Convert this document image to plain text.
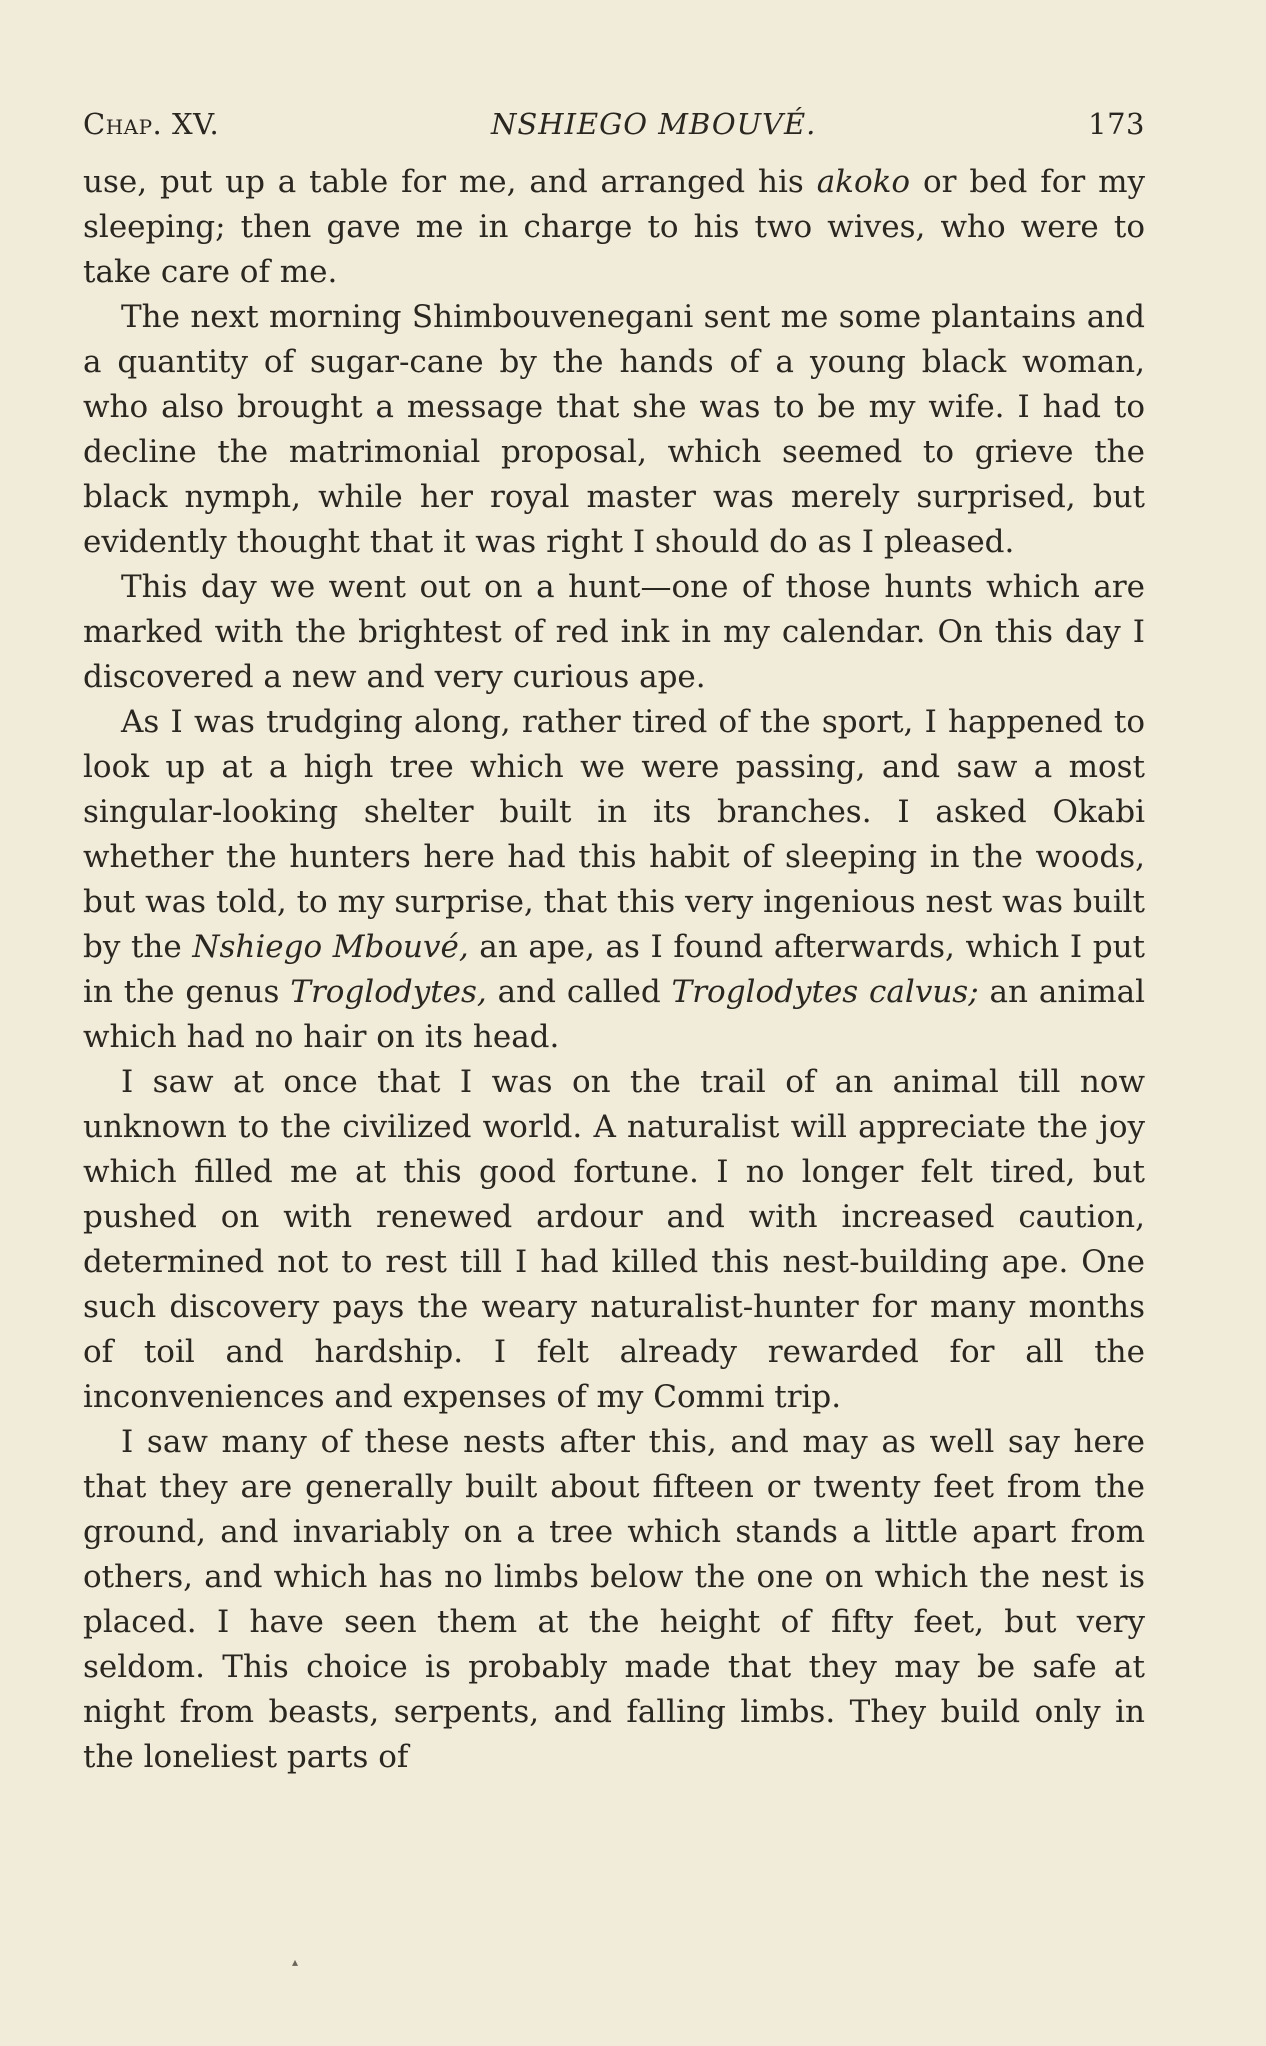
Chap. XV.	NSHIEGO MBOUVÉ.	173

use, put up a table for me, and arranged his akoko or bed for my sleeping; then gave me in charge to his two wives, who were to take care of me.

The next morning Shimbouvenegani sent me some plantains and a quantity of sugar-cane by the hands of a young black woman, who also brought a message that she was to be my wife. I had to decline the matrimonial proposal, which seemed to grieve the black nymph, while her royal master was merely surprised, but evidently thought that it was right I should do as I pleased.

This day we went out on a hunt—one of those hunts which are marked with the brightest of red ink in my calendar. On this day I discovered a new and very curious ape.

As I was trudging along, rather tired of the sport, I happened to look up at a high tree which we were passing, and saw a most singular-looking shelter built in its branches. I asked Okabi whether the hunters here had this habit of sleeping in the woods, but was told, to my surprise, that this very ingenious nest was built by the Nshiego Mbouvé, an ape, as I found afterwards, which I put in the genus Troglodytes, and called Troglodytes calvus; an animal which had no hair on its head.

I saw at once that I was on the trail of an animal till now unknown to the civilized world. A naturalist will appreciate the joy which filled me at this good fortune. I no longer felt tired, but pushed on with renewed ardour and with increased caution, determined not to rest till I had killed this nest-building ape. One such discovery pays the weary naturalist-hunter for many months of toil and hardship. I felt already rewarded for all the inconveniences and expenses of my Commi trip.

I saw many of these nests after this, and may as well say here that they are generally built about fifteen or twenty feet from the ground, and invariably on a tree which stands a little apart from others, and which has no limbs below the one on which the nest is placed. I have seen them at the height of fifty feet, but very seldom. This choice is probably made that they may be safe at night from beasts, serpents, and falling limbs. They build only in the loneliest parts of

▴
